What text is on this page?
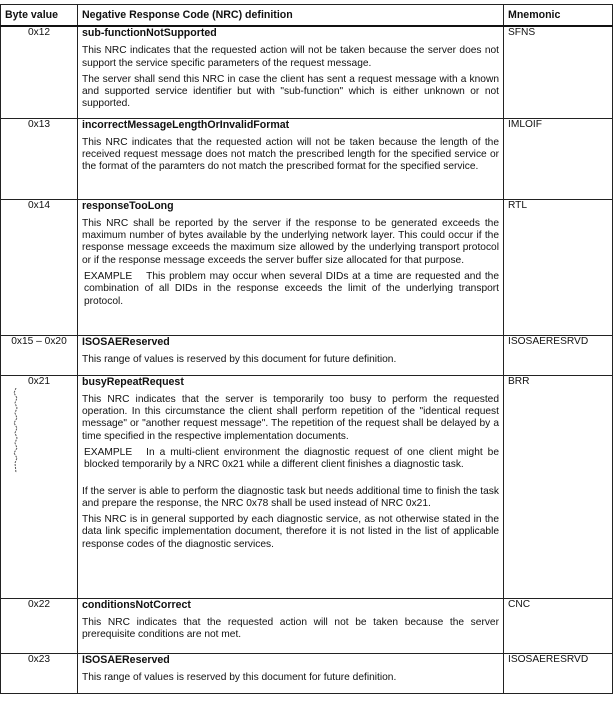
Byte value	Negative Response Code (NRC) definition	Mnemonic
0x12	sub-functionNotSupported
This NRC indicates that the requested action will not be taken because the server does not support the service specific parameters of the request message.
The server shall send this NRC in case the client has sent a request message with a known and supported service identifier but with "sub-function" which is either unknown or not supported.	SFNS
0x13	incorrectMessageLengthOrInvalidFormat
This NRC indicates that the requested action will not be taken because the length of the received request message does not match the prescribed length for the specified service or the format of the paramters do not match the prescribed format for the specified service.	IMLOIF
0x14	responseTooLong
This NRC shall be reported by the server if the response to be generated exceeds the maximum number of bytes available by the underlying network layer. This could occur if the response message exceeds the maximum size allowed by the underlying transport protocol or if the response message exceeds the server buffer size allocated for that purpose.
EXAMPLE This problem may occur when several DIDs at a time are requested and the combination of all DIDs in the response exceeds the limit of the underlying transport protocol.	RTL
0x15 – 0x20	ISOSAEReserved
This range of values is reserved by this document for future definition.	ISOSAERESRVD
0x21	busyRepeatRequest
This NRC indicates that the server is temporarily too busy to perform the requested operation. In this circumstance the client shall perform repetition of the "identical request message" or "another request message". The repetition of the request shall be delayed by a time specified in the respective implementation documents.
EXAMPLE In a multi-client environment the diagnostic request of one client might be blocked temporarily by a NRC 0x21 while a different client finishes a diagnostic task.
If the server is able to perform the diagnostic task but needs additional time to finish the task and prepare the response, the NRC 0x78 shall be used instead of NRC 0x21.
This NRC is in general supported by each diagnostic service, as not otherwise stated in the data link specific implementation document, therefore it is not listed in the list of applicable response codes of the diagnostic services.	BRR
0x22	conditionsNotCorrect
This NRC indicates that the requested action will not be taken because the server prerequisite conditions are not met.	CNC
0x23	ISOSAEReserved
This range of values is reserved by this document for future definition.	ISOSAERESRVD
